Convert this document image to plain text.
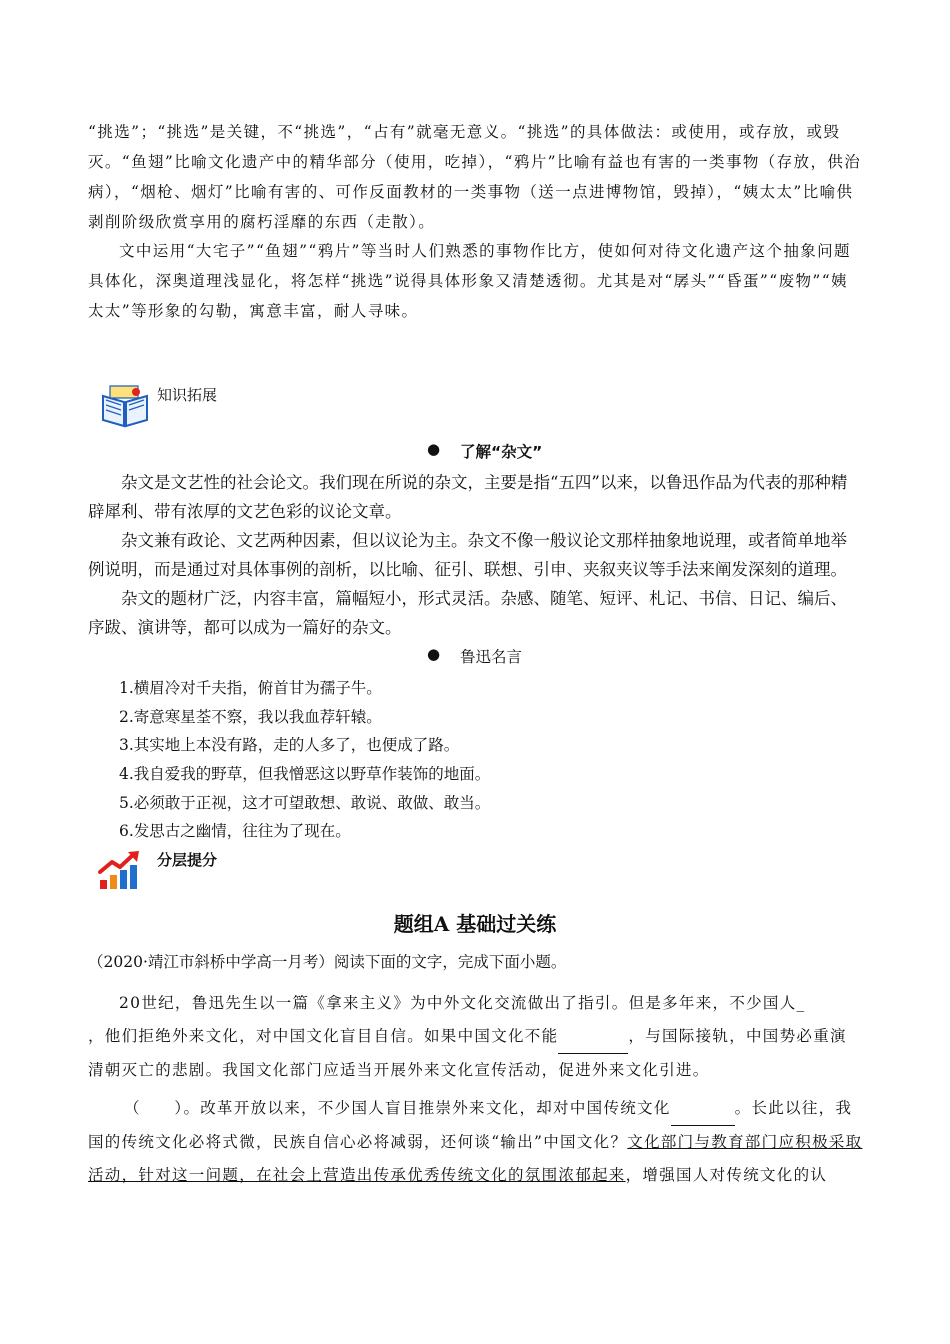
“挑选”；“挑选”是关键，不“挑选”，“占有”就毫无意义。“挑选”的具体做法：或使用，或存放，或毁灭。“鱼翅”比喻文化遗产中的精华部分（使用，吃掉），“鸦片”比喻有益也有害的一类事物（存放，供治病），“烟枪、烟灯”比喻有害的、可作反面教材的一类事物（送一点进博物馆，毁掉），“姨太太”比喻供剥削阶级欣赏享用的腐朽淫靡的东西（走散）。

文中运用“大宅子”“鱼翅”“鸦片”等当时人们熟悉的事物作比方，使如何对待文化遗产这个抽象问题具体化，深奥道理浅显化，将怎样“挑选”说得具体形象又清楚透彻。尤其是对“孱头”“昏蛋”“废物”“姨太太”等形象的勾勒，寓意丰富，耐人寻味。

知识拓展
● 了解“杂文”

杂文是文艺性的社会论文。我们现在所说的杂文，主要是指“五四”以来，以鲁迅作品为代表的那种精辟犀利、带有浓厚的文艺色彩的议论文章。

杂文兼有政论、文艺两种因素，但以议论为主。杂文不像一般议论文那样抽象地说理，或者简单地举例说明，而是通过对具体事例的剖析，以比喻、征引、联想、引申、夹叙夹议等手法来阐发深刻的道理。

杂文的题材广泛，内容丰富，篇幅短小，形式灵活。杂感、随笔、短评、札记、书信、日记、编后、序跋、演讲等，都可以成为一篇好的杂文。

● 鲁迅名言
1.横眉冷对千夫指，俯首甘为孺子牛。
2.寄意寒星荃不察，我以我血荐轩辕。
3.其实地上本没有路，走的人多了，也便成了路。
4.我自爱我的野草，但我憎恶这以野草作装饰的地面。
5.必须敢于正视，这才可望敢想、敢说、敢做、敢当。
6.发思古之幽情，往往为了现在。
分层提分
题组A 基础过关练
（2020·靖江市斜桥中学高一月考）阅读下面的文字，完成下面小题。
20世纪，鲁迅先生以一篇《拿来主义》为中外文化交流做出了指引。但是多年来，不少国人_
，他们拒绝外来文化，对中国文化盲目自信。如果中国文化不能	，与国际接轨，中国势必重演清朝灭亡的悲剧。我国文化部门应适当开展外来文化宣传活动，促进外来文化引进。
（　　）。改革开放以来，不少国人盲目推崇外来文化，却对中国传统文化	。长此以往，我国的传统文化必将式微，民族自信心必将减弱，还何谈“输出”中国文化？文化部门与教育部门应积极采取活动，针对这一问题，在社会上营造出传承优秀传统文化的氛围浓郁起来，增强国人对传统文化的认
